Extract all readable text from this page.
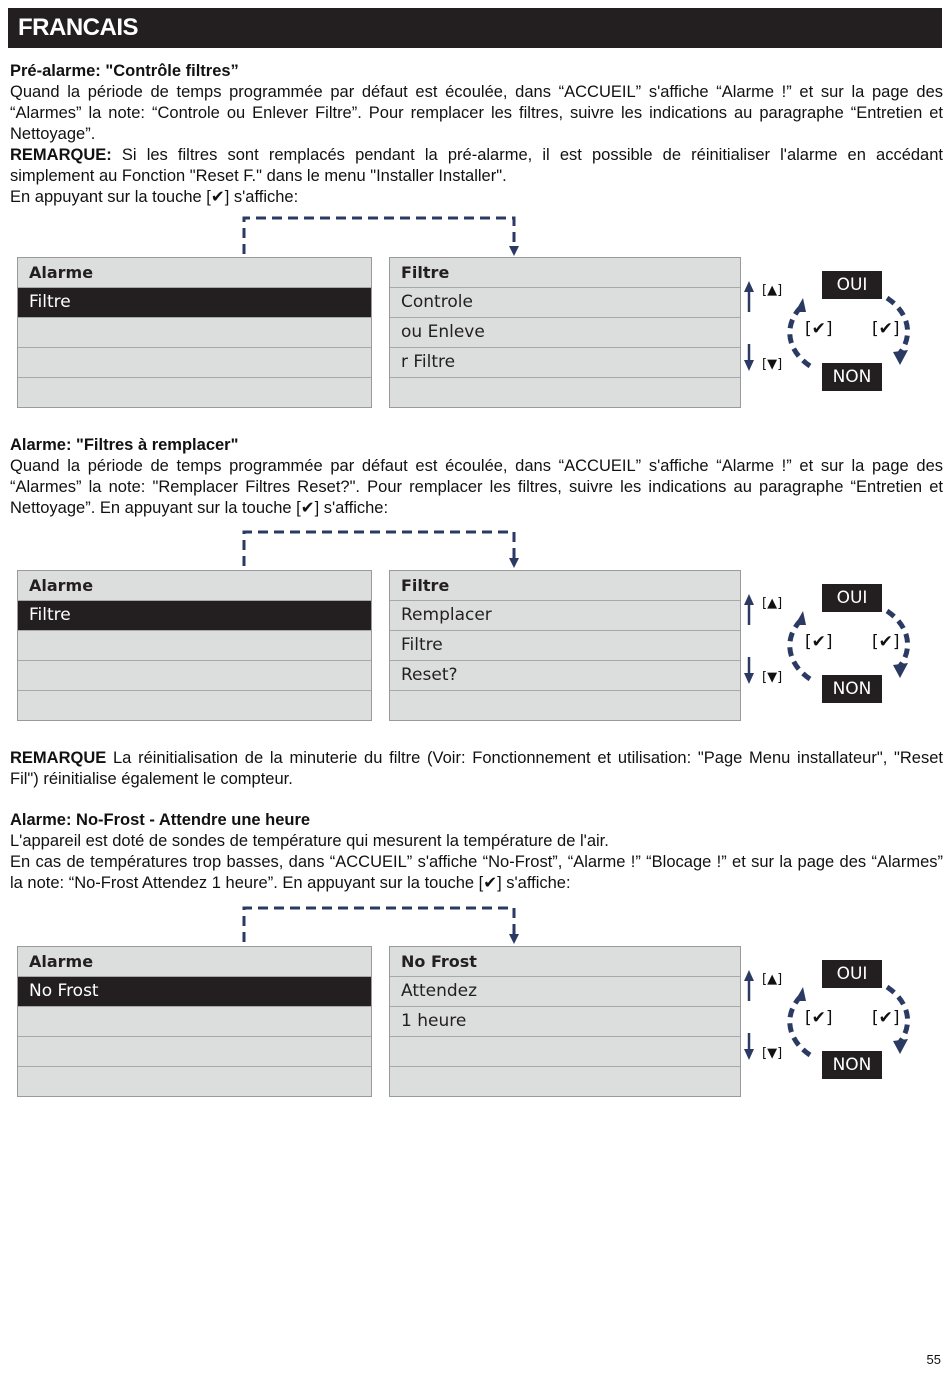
FRANCAIS

Pré-alarme: "Contrôle filtres”

Quand la période de temps programmée par défaut est écoulée, dans “ACCUEIL” s'affiche “Alarme !” et sur la page des “Alarmes” la note: “Controle ou Enlever Filtre”. Pour remplacer les filtres, suivre les indications au paragraphe “Entretien et Nettoyage”.

REMARQUE: Si les filtres sont remplacés pendant la pré-alarme, il est possible de réinitialiser l'alarme en accédant simplement au Fonction "Reset F." dans le menu "Installer Installer".

En appuyant sur la touche [✔] s'affiche:

Alarme
Filtre
Filtre
Controle
ou Enleve
r Filtre
[▲]
[▼]
OUI
NON
[✔] [✔]

Alarme: "Filtres à remplacer"

Quand la période de temps programmée par défaut est écoulée, dans “ACCUEIL” s'affiche “Alarme !” et sur la page des “Alarmes” la note: "Remplacer Filtres Reset?". Pour remplacer les filtres, suivre les indications au paragraphe “Entretien et Nettoyage”. En appuyant sur la touche [✔] s'affiche:

Alarme
Filtre
Filtre
Remplacer
Filtre
Reset?
[▲]
[▼]
OUI
NON
[✔] [✔]

REMARQUE La réinitialisation de la minuterie du filtre (Voir: Fonctionnement et utilisation: "Page Menu installateur", "Reset Fil") réinitialise également le compteur.

Alarme: No-Frost - Attendre une heure

L'appareil est doté de sondes de température qui mesurent la température de l'air.

En cas de températures trop basses, dans “ACCUEIL” s'affiche “No-Frost”, “Alarme !” “Blocage !” et sur la page des “Alarmes” la note: “No-Frost Attendez 1 heure”. En appuyant sur la touche [✔] s'affiche:

Alarme
No Frost
No Frost
Attendez
1 heure
[▲]
[▼]
OUI
NON
[✔] [✔]
55
